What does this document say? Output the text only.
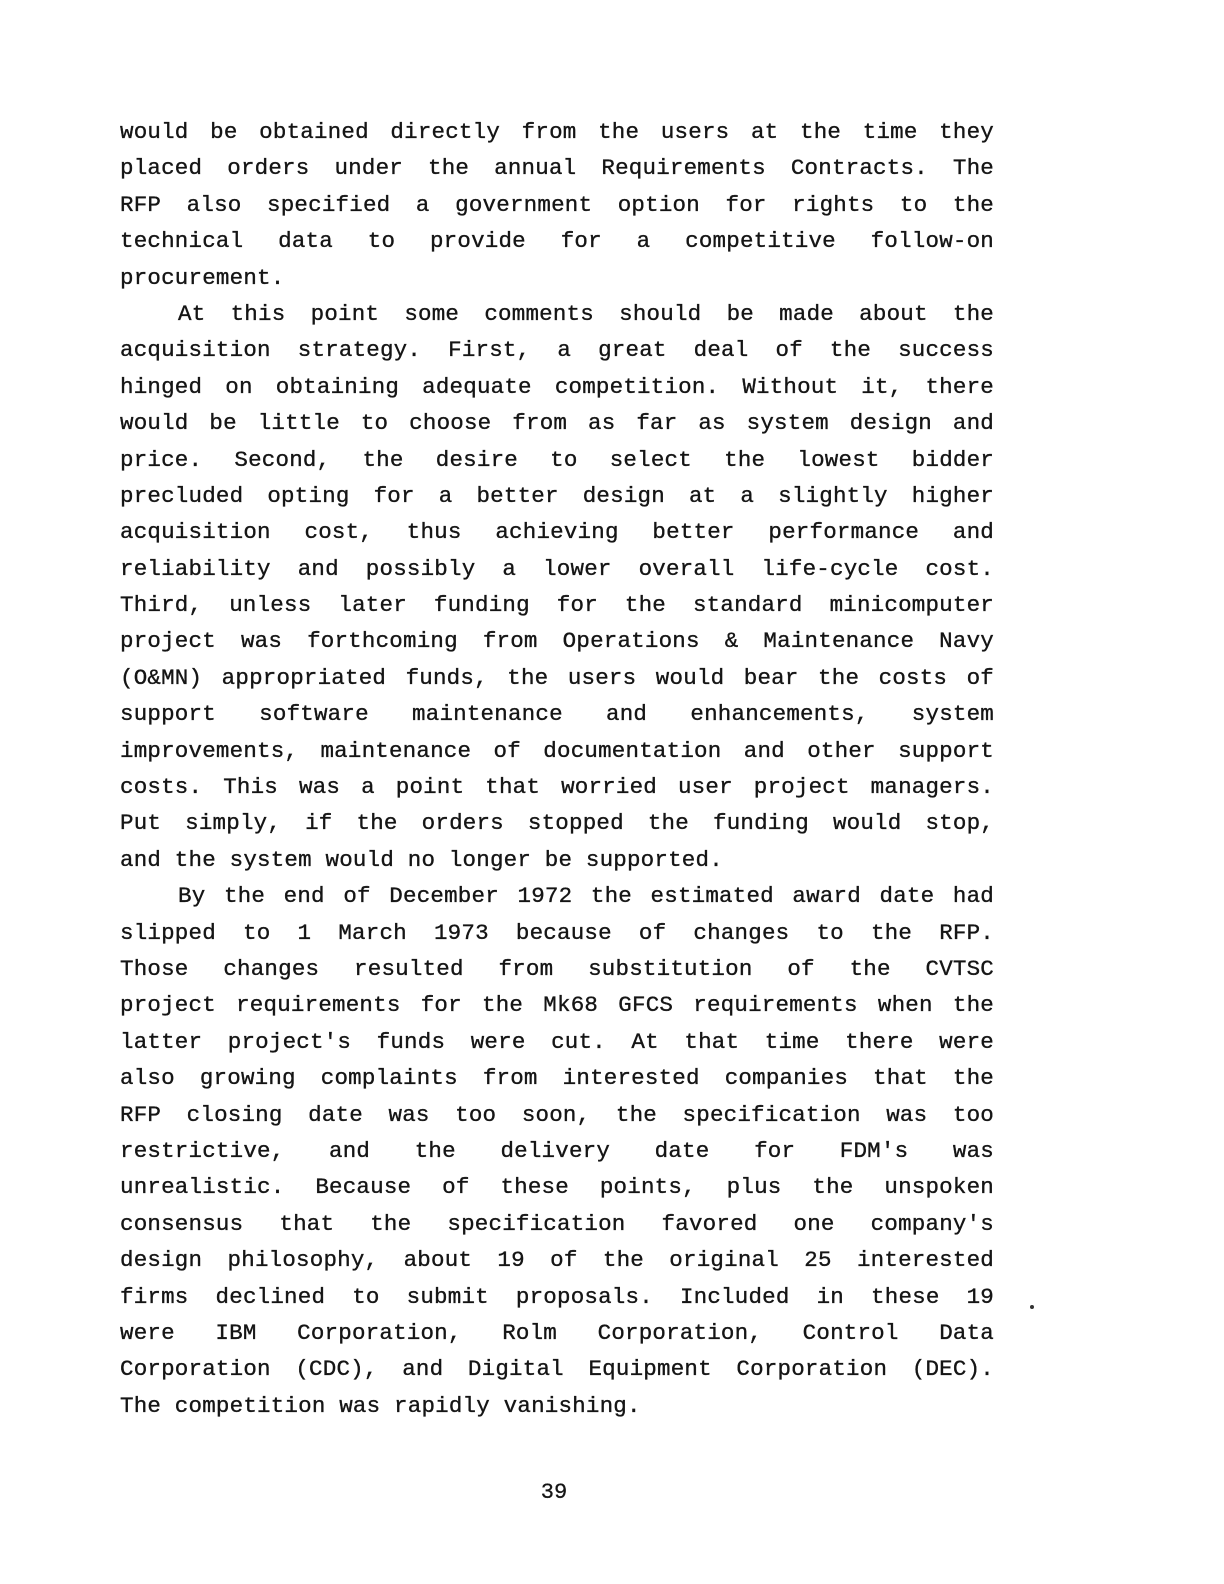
would be obtained directly from the users at the time they
placed orders under the annual Requirements Contracts. The
RFP also specified a government option for rights to the
technical data to provide for a competitive follow-on
procurement.
At this point some comments should be made about the
acquisition strategy. First, a great deal of the success
hinged on obtaining adequate competition. Without it, there
would be little to choose from as far as system design and
price. Second, the desire to select the lowest bidder
precluded opting for a better design at a slightly higher
acquisition cost, thus achieving better performance and
reliability and possibly a lower overall life-cycle cost.
Third, unless later funding for the standard minicomputer
project was forthcoming from Operations & Maintenance Navy
(O&MN) appropriated funds, the users would bear the costs of
support software maintenance and enhancements, system
improvements, maintenance of documentation and other support
costs. This was a point that worried user project managers.
Put simply, if the orders stopped the funding would stop,
and the system would no longer be supported.
By the end of December 1972 the estimated award date had
slipped to 1 March 1973 because of changes to the RFP.
Those changes resulted from substitution of the CVTSC
project requirements for the Mk68 GFCS requirements when the
latter project's funds were cut. At that time there were
also growing complaints from interested companies that the
RFP closing date was too soon, the specification was too
restrictive, and the delivery date for FDM's was
unrealistic. Because of these points, plus the unspoken
consensus that the specification favored one company's
design philosophy, about 19 of the original 25 interested
firms declined to submit proposals. Included in these 19
were IBM Corporation, Rolm Corporation, Control Data
Corporation (CDC), and Digital Equipment Corporation (DEC).
The competition was rapidly vanishing.
39
